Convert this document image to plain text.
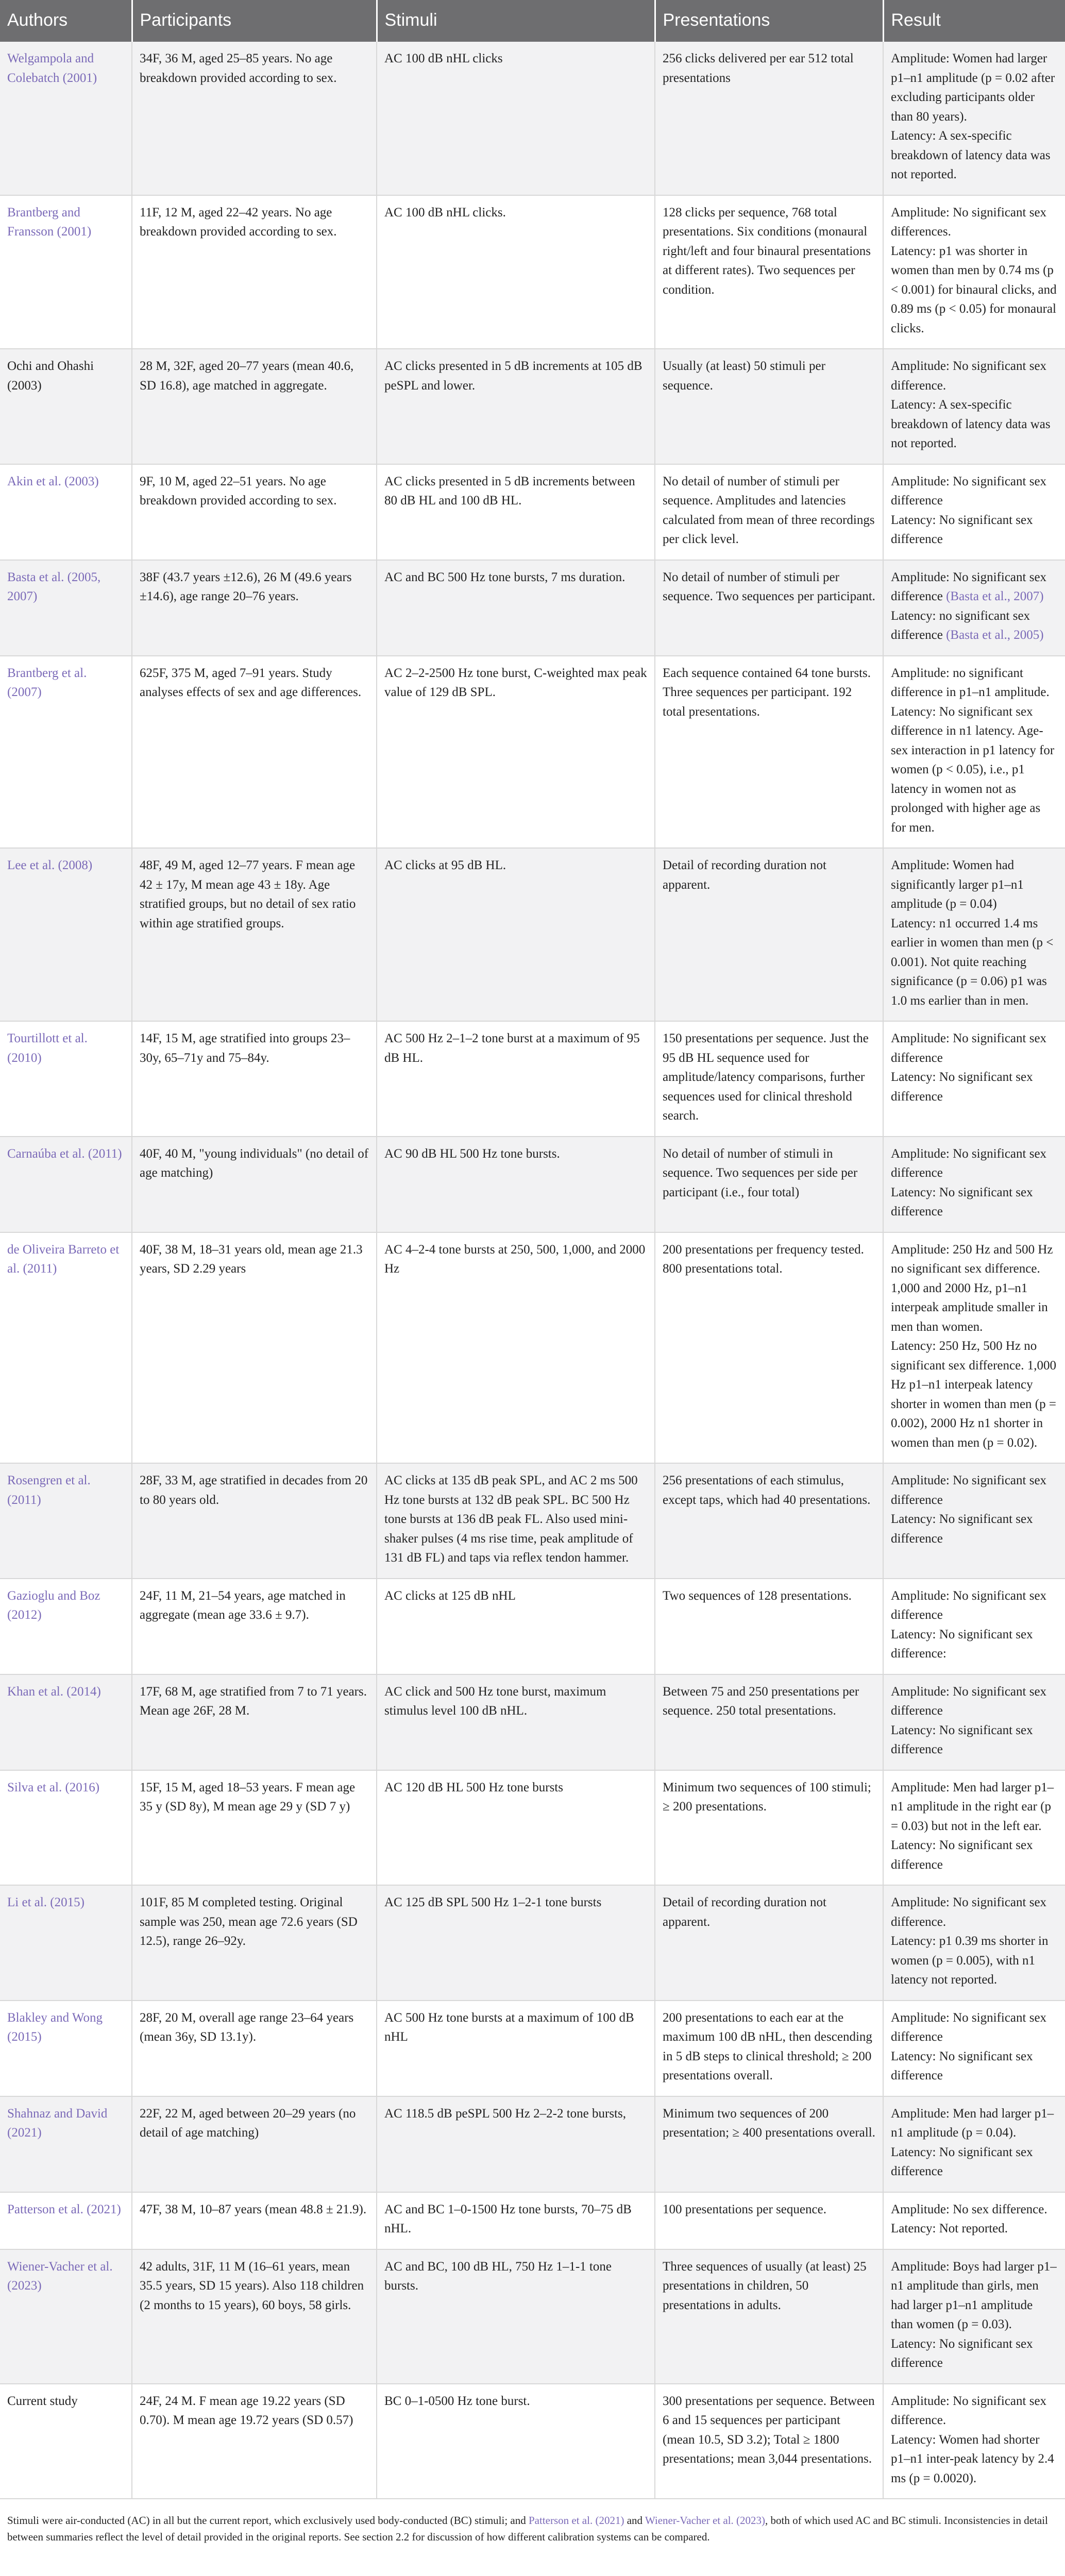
Authors	Participants	Stimuli	Presentations	Result
Welgampola and Colebatch (2001)	34F, 36 M, aged 25–85 years. No age breakdown provided according to sex.	AC 100 dB nHL clicks	256 clicks delivered per ear 512 total presentations	Amplitude: Women had larger p1–n1 amplitude (p = 0.02 after excluding participants older than 80 years).
Latency: A sex-specific breakdown of latency data was not reported.

Brantberg and Fransson (2001)	11F, 12 M, aged 22–42 years. No age breakdown provided according to sex.	AC 100 dB nHL clicks.	128 clicks per sequence, 768 total presentations. Six conditions (monaural right/left and four binaural presentations at different rates). Two sequences per condition.	Amplitude: No significant sex differences.
Latency: p1 was shorter in women than men by 0.74 ms (p < 0.001) for binaural clicks, and 0.89 ms (p < 0.05) for monaural clicks.

Ochi and Ohashi (2003)	28 M, 32F, aged 20–77 years (mean 40.6, SD 16.8), age matched in aggregate.	AC clicks presented in 5 dB increments at 105 dB peSPL and lower.	Usually (at least) 50 stimuli per sequence.	Amplitude: No significant sex difference.
Latency: A sex-specific breakdown of latency data was not reported.

Akin et al. (2003)	9F, 10 M, aged 22–51 years. No age breakdown provided according to sex.	AC clicks presented in 5 dB increments between 80 dB HL and 100 dB HL.	No detail of number of stimuli per sequence. Amplitudes and latencies calculated from mean of three recordings per click level.	Amplitude: No significant sex difference
Latency: No significant sex difference

Basta et al. (2005, 2007)	38F (43.7 years ±12.6), 26 M (49.6 years ±14.6), age range 20–76 years.	AC and BC 500 Hz tone bursts, 7 ms duration.	No detail of number of stimuli per sequence. Two sequences per participant.	Amplitude: No significant sex difference (Basta et al., 2007)
Latency: no significant sex difference (Basta et al., 2005)

Brantberg et al. (2007)	625F, 375 M, aged 7–91 years. Study analyses effects of sex and age differences.	AC 2–2-2500 Hz tone burst, C-weighted max peak value of 129 dB SPL.	Each sequence contained 64 tone bursts. Three sequences per participant. 192 total presentations.	Amplitude: no significant difference in p1–n1 amplitude.
Latency: No significant sex difference in n1 latency. Age-sex interaction in p1 latency for women (p < 0.05), i.e., p1 latency in women not as prolonged with higher age as for men.

Lee et al. (2008)	48F, 49 M, aged 12–77 years. F mean age 42 ± 17y, M mean age 43 ± 18y. Age stratified groups, but no detail of sex ratio within age stratified groups.	AC clicks at 95 dB HL.	Detail of recording duration not apparent.	Amplitude: Women had significantly larger p1–n1 amplitude (p = 0.04)
Latency: n1 occurred 1.4 ms earlier in women than men (p < 0.001). Not quite reaching significance (p = 0.06) p1 was 1.0 ms earlier than in men.

Tourtillott et al. (2010)	14F, 15 M, age stratified into groups 23–30y, 65–71y and 75–84y.	AC 500 Hz 2–1–2 tone burst at a maximum of 95 dB HL.	150 presentations per sequence. Just the 95 dB HL sequence used for amplitude/latency comparisons, further sequences used for clinical threshold search.	Amplitude: No significant sex difference
Latency: No significant sex difference

Carnaúba et al. (2011)	40F, 40 M, "young individuals" (no detail of age matching)	AC 90 dB HL 500 Hz tone bursts.	No detail of number of stimuli in sequence. Two sequences per side per participant (i.e., four total)	Amplitude: No significant sex difference
Latency: No significant sex difference

de Oliveira Barreto et al. (2011)	40F, 38 M, 18–31 years old, mean age 21.3 years, SD 2.29 years	AC 4–2-4 tone bursts at 250, 500, 1,000, and 2000 Hz	200 presentations per frequency tested. 800 presentations total.	Amplitude: 250 Hz and 500 Hz no significant sex difference. 1,000 and 2000 Hz, p1–n1 interpeak amplitude smaller in men than women.
Latency: 250 Hz, 500 Hz no significant sex difference. 1,000 Hz p1–n1 interpeak latency shorter in women than men (p = 0.002), 2000 Hz n1 shorter in women than men (p = 0.02).

Rosengren et al. (2011)	28F, 33 M, age stratified in decades from 20 to 80 years old.	AC clicks at 135 dB peak SPL, and AC 2 ms 500 Hz tone bursts at 132 dB peak SPL. BC 500 Hz tone bursts at 136 dB peak FL. Also used mini-shaker pulses (4 ms rise time, peak amplitude of 131 dB FL) and taps via reflex tendon hammer.	256 presentations of each stimulus, except taps, which had 40 presentations.	Amplitude: No significant sex difference
Latency: No significant sex difference

Gazioglu and Boz (2012)	24F, 11 M, 21–54 years, age matched in aggregate (mean age 33.6 ± 9.7).	AC clicks at 125 dB nHL	Two sequences of 128 presentations.	Amplitude: No significant sex difference
Latency: No significant sex difference:

Khan et al. (2014)	17F, 68 M, age stratified from 7 to 71 years. Mean age 26F, 28 M.	AC click and 500 Hz tone burst, maximum stimulus level 100 dB nHL.	Between 75 and 250 presentations per sequence. 250 total presentations.	Amplitude: No significant sex difference
Latency: No significant sex difference

Silva et al. (2016)	15F, 15 M, aged 18–53 years. F mean age 35 y (SD 8y), M mean age 29 y (SD 7 y)	AC 120 dB HL 500 Hz tone bursts	Minimum two sequences of 100 stimuli; ≥ 200 presentations.	Amplitude: Men had larger p1–n1 amplitude in the right ear (p = 0.03) but not in the left ear.
Latency: No significant sex difference

Li et al. (2015)	101F, 85 M completed testing. Original sample was 250, mean age 72.6 years (SD 12.5), range 26–92y.	AC 125 dB SPL 500 Hz 1–2-1 tone bursts	Detail of recording duration not apparent.	Amplitude: No significant sex difference.
Latency: p1 0.39 ms shorter in women (p = 0.005), with n1 latency not reported.

Blakley and Wong (2015)	28F, 20 M, overall age range 23–64 years (mean 36y, SD 13.1y).	AC 500 Hz tone bursts at a maximum of 100 dB nHL	200 presentations to each ear at the maximum 100 dB nHL, then descending in 5 dB steps to clinical threshold; ≥ 200 presentations overall.	Amplitude: No significant sex difference
Latency: No significant sex difference

Shahnaz and David (2021)	22F, 22 M, aged between 20–29 years (no detail of age matching)	AC 118.5 dB peSPL 500 Hz 2–2-2 tone bursts,	Minimum two sequences of 200 presentation; ≥ 400 presentations overall.	Amplitude: Men had larger p1–n1 amplitude (p = 0.04).
Latency: No significant sex difference

Patterson et al. (2021)	47F, 38 M, 10–87 years (mean 48.8 ± 21.9).	AC and BC 1–0-1500 Hz tone bursts, 70–75 dB nHL.	100 presentations per sequence.	Amplitude: No sex difference.
Latency: Not reported.

Wiener-Vacher et al. (2023)	42 adults, 31F, 11 M (16–61 years, mean 35.5 years, SD 15 years). Also 118 children (2 months to 15 years), 60 boys, 58 girls.	AC and BC, 100 dB HL, 750 Hz 1–1-1 tone bursts.	Three sequences of usually (at least) 25 presentations in children, 50 presentations in adults.	Amplitude: Boys had larger p1–n1 amplitude than girls, men had larger p1–n1 amplitude than women (p = 0.03).
Latency: No significant sex difference

Current study	24F, 24 M. F mean age 19.22 years (SD 0.70). M mean age 19.72 years (SD 0.57)	BC 0–1-0500 Hz tone burst.	300 presentations per sequence. Between 6 and 15 sequences per participant (mean 10.5, SD 3.2); Total ≥ 1800 presentations; mean 3,044 presentations.	Amplitude: No significant sex difference.
Latency: Women had shorter p1–n1 inter-peak latency by 2.4 ms (p = 0.0020).
Stimuli were air-conducted (AC) in all but the current report, which exclusively used body-conducted (BC) stimuli; and Patterson et al. (2021) and Wiener-Vacher et al. (2023), both of which used AC and BC stimuli. Inconsistencies in detail between summaries reflect the level of detail provided in the original reports. See section 2.2 for discussion of how different calibration systems can be compared.
